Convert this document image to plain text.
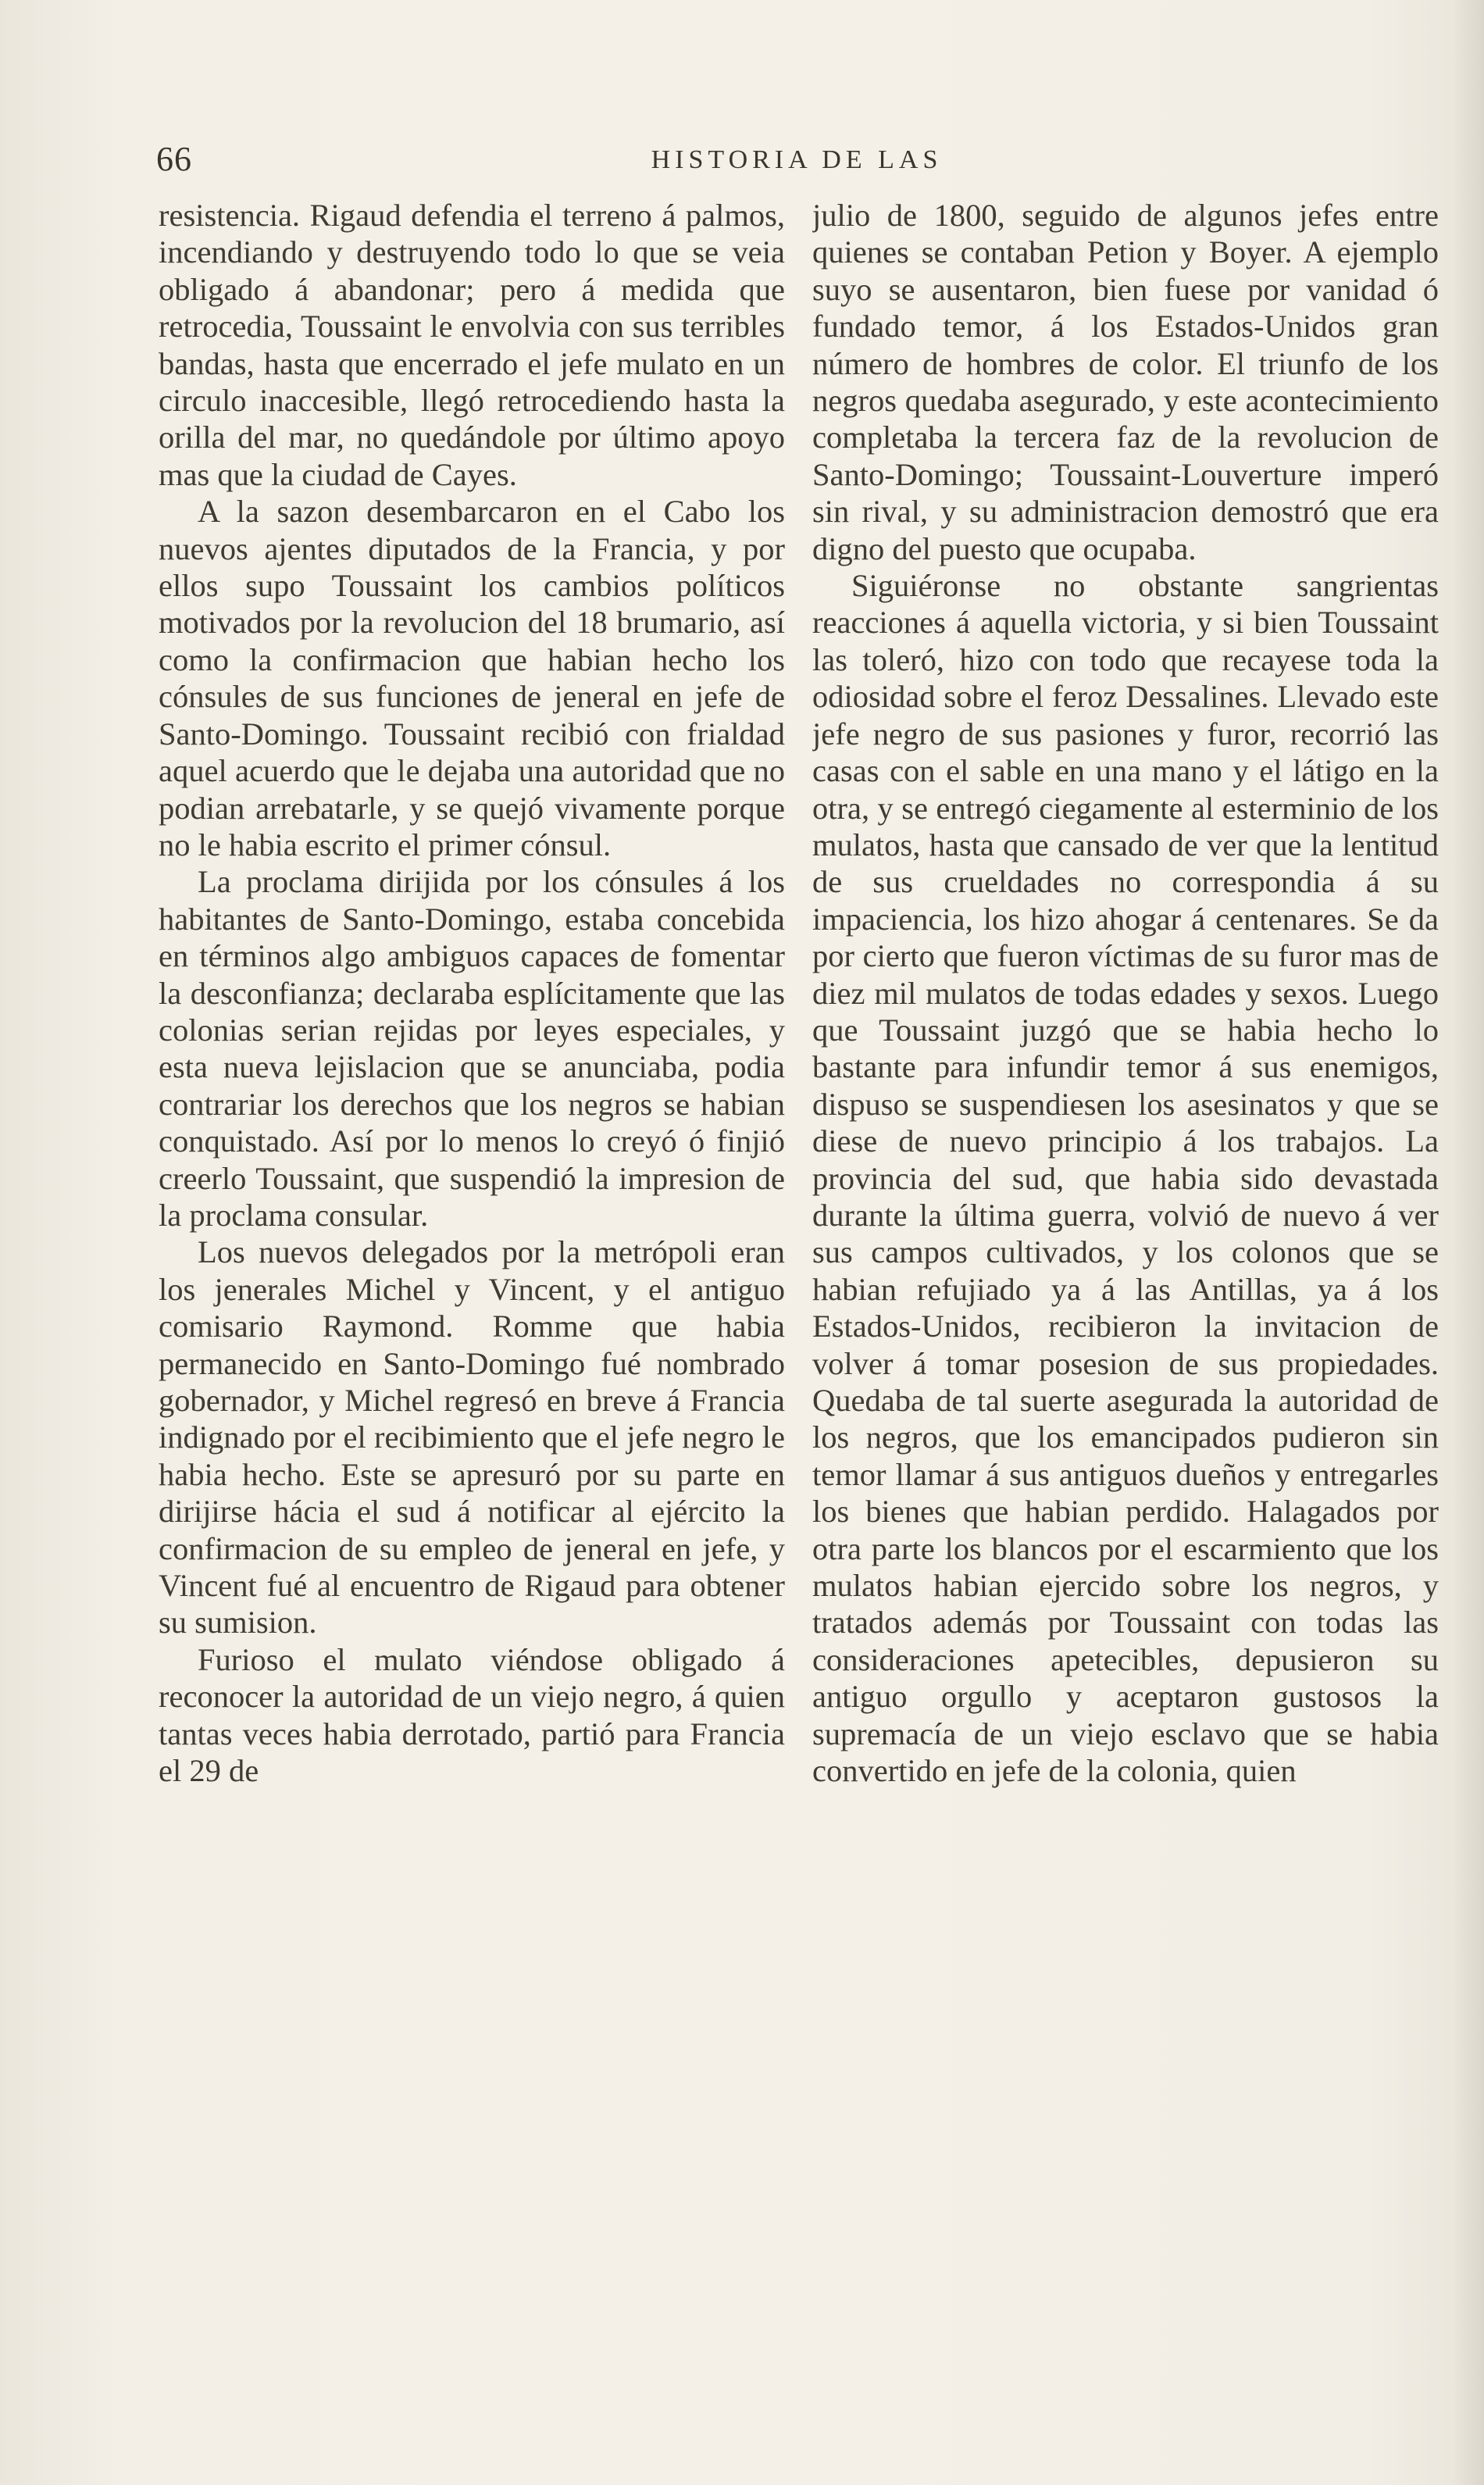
66	HISTORIA DE LAS

resistencia. Rigaud defendia el terreno á palmos, incendiando y destruyendo todo lo que se veia obligado á abandonar; pero á medida que retrocedia, Toussaint le envolvia con sus terribles bandas, hasta que encerrado el jefe mulato en un circulo inaccesible, llegó retrocediendo hasta la orilla del mar, no quedándole por último apoyo mas que la ciudad de Cayes.

A la sazon desembarcaron en el Cabo los nuevos ajentes diputados de la Francia, y por ellos supo Toussaint los cambios políticos motivados por la revolucion del 18 brumario, así como la confirmacion que habian hecho los cónsules de sus funciones de jeneral en jefe de Santo-Domingo. Toussaint recibió con frialdad aquel acuerdo que le dejaba una autoridad que no podian arrebatarle, y se quejó vivamente porque no le habia escrito el primer cónsul.

La proclama dirijida por los cónsules á los habitantes de Santo-Domingo, estaba concebida en términos algo ambiguos capaces de fomentar la desconfianza; declaraba esplícitamente que las colonias serian rejidas por leyes especiales, y esta nueva lejislacion que se anunciaba, podia contrariar los derechos que los negros se habian conquistado. Así por lo menos lo creyó ó finjió creerlo Toussaint, que suspendió la impresion de la proclama consular.

Los nuevos delegados por la metrópoli eran los jenerales Michel y Vincent, y el antiguo comisario Raymond. Romme que habia permanecido en Santo-Domingo fué nombrado gobernador, y Michel regresó en breve á Francia indignado por el recibimiento que el jefe negro le habia hecho. Este se apresuró por su parte en dirijirse hácia el sud á notificar al ejército la confirmacion de su empleo de jeneral en jefe, y Vincent fué al encuentro de Rigaud para obtener su sumision.

Furioso el mulato viéndose obligado á reconocer la autoridad de un viejo negro, á quien tantas veces habia derrotado, partió para Francia el 29 de

julio de 1800, seguido de algunos jefes entre quienes se contaban Petion y Boyer. A ejemplo suyo se ausentaron, bien fuese por vanidad ó fundado temor, á los Estados-Unidos gran número de hombres de color. El triunfo de los negros quedaba asegurado, y este acontecimiento completaba la tercera faz de la revolucion de Santo-Domingo; Toussaint-Louverture imperó sin rival, y su administracion demostró que era digno del puesto que ocupaba.

Siguiéronse no obstante sangrientas reacciones á aquella victoria, y si bien Toussaint las toleró, hizo con todo que recayese toda la odiosidad sobre el feroz Dessalines. Llevado este jefe negro de sus pasiones y furor, recorrió las casas con el sable en una mano y el látigo en la otra, y se entregó ciegamente al esterminio de los mulatos, hasta que cansado de ver que la lentitud de sus crueldades no correspondia á su impaciencia, los hizo ahogar á centenares. Se da por cierto que fueron víctimas de su furor mas de diez mil mulatos de todas edades y sexos. Luego que Toussaint juzgó que se habia hecho lo bastante para infundir temor á sus enemigos, dispuso se suspendiesen los asesinatos y que se diese de nuevo principio á los trabajos. La provincia del sud, que habia sido devastada durante la última guerra, volvió de nuevo á ver sus campos cultivados, y los colonos que se habian refujiado ya á las Antillas, ya á los Estados-Unidos, recibieron la invitacion de volver á tomar posesion de sus propiedades. Quedaba de tal suerte asegurada la autoridad de los negros, que los emancipados pudieron sin temor llamar á sus antiguos dueños y entregarles los bienes que habian perdido. Halagados por otra parte los blancos por el escarmiento que los mulatos habian ejercido sobre los negros, y tratados además por Toussaint con todas las consideraciones apetecibles, depusieron su antiguo orgullo y aceptaron gustosos la supremacía de un viejo esclavo que se habia convertido en jefe de la colonia, quien
